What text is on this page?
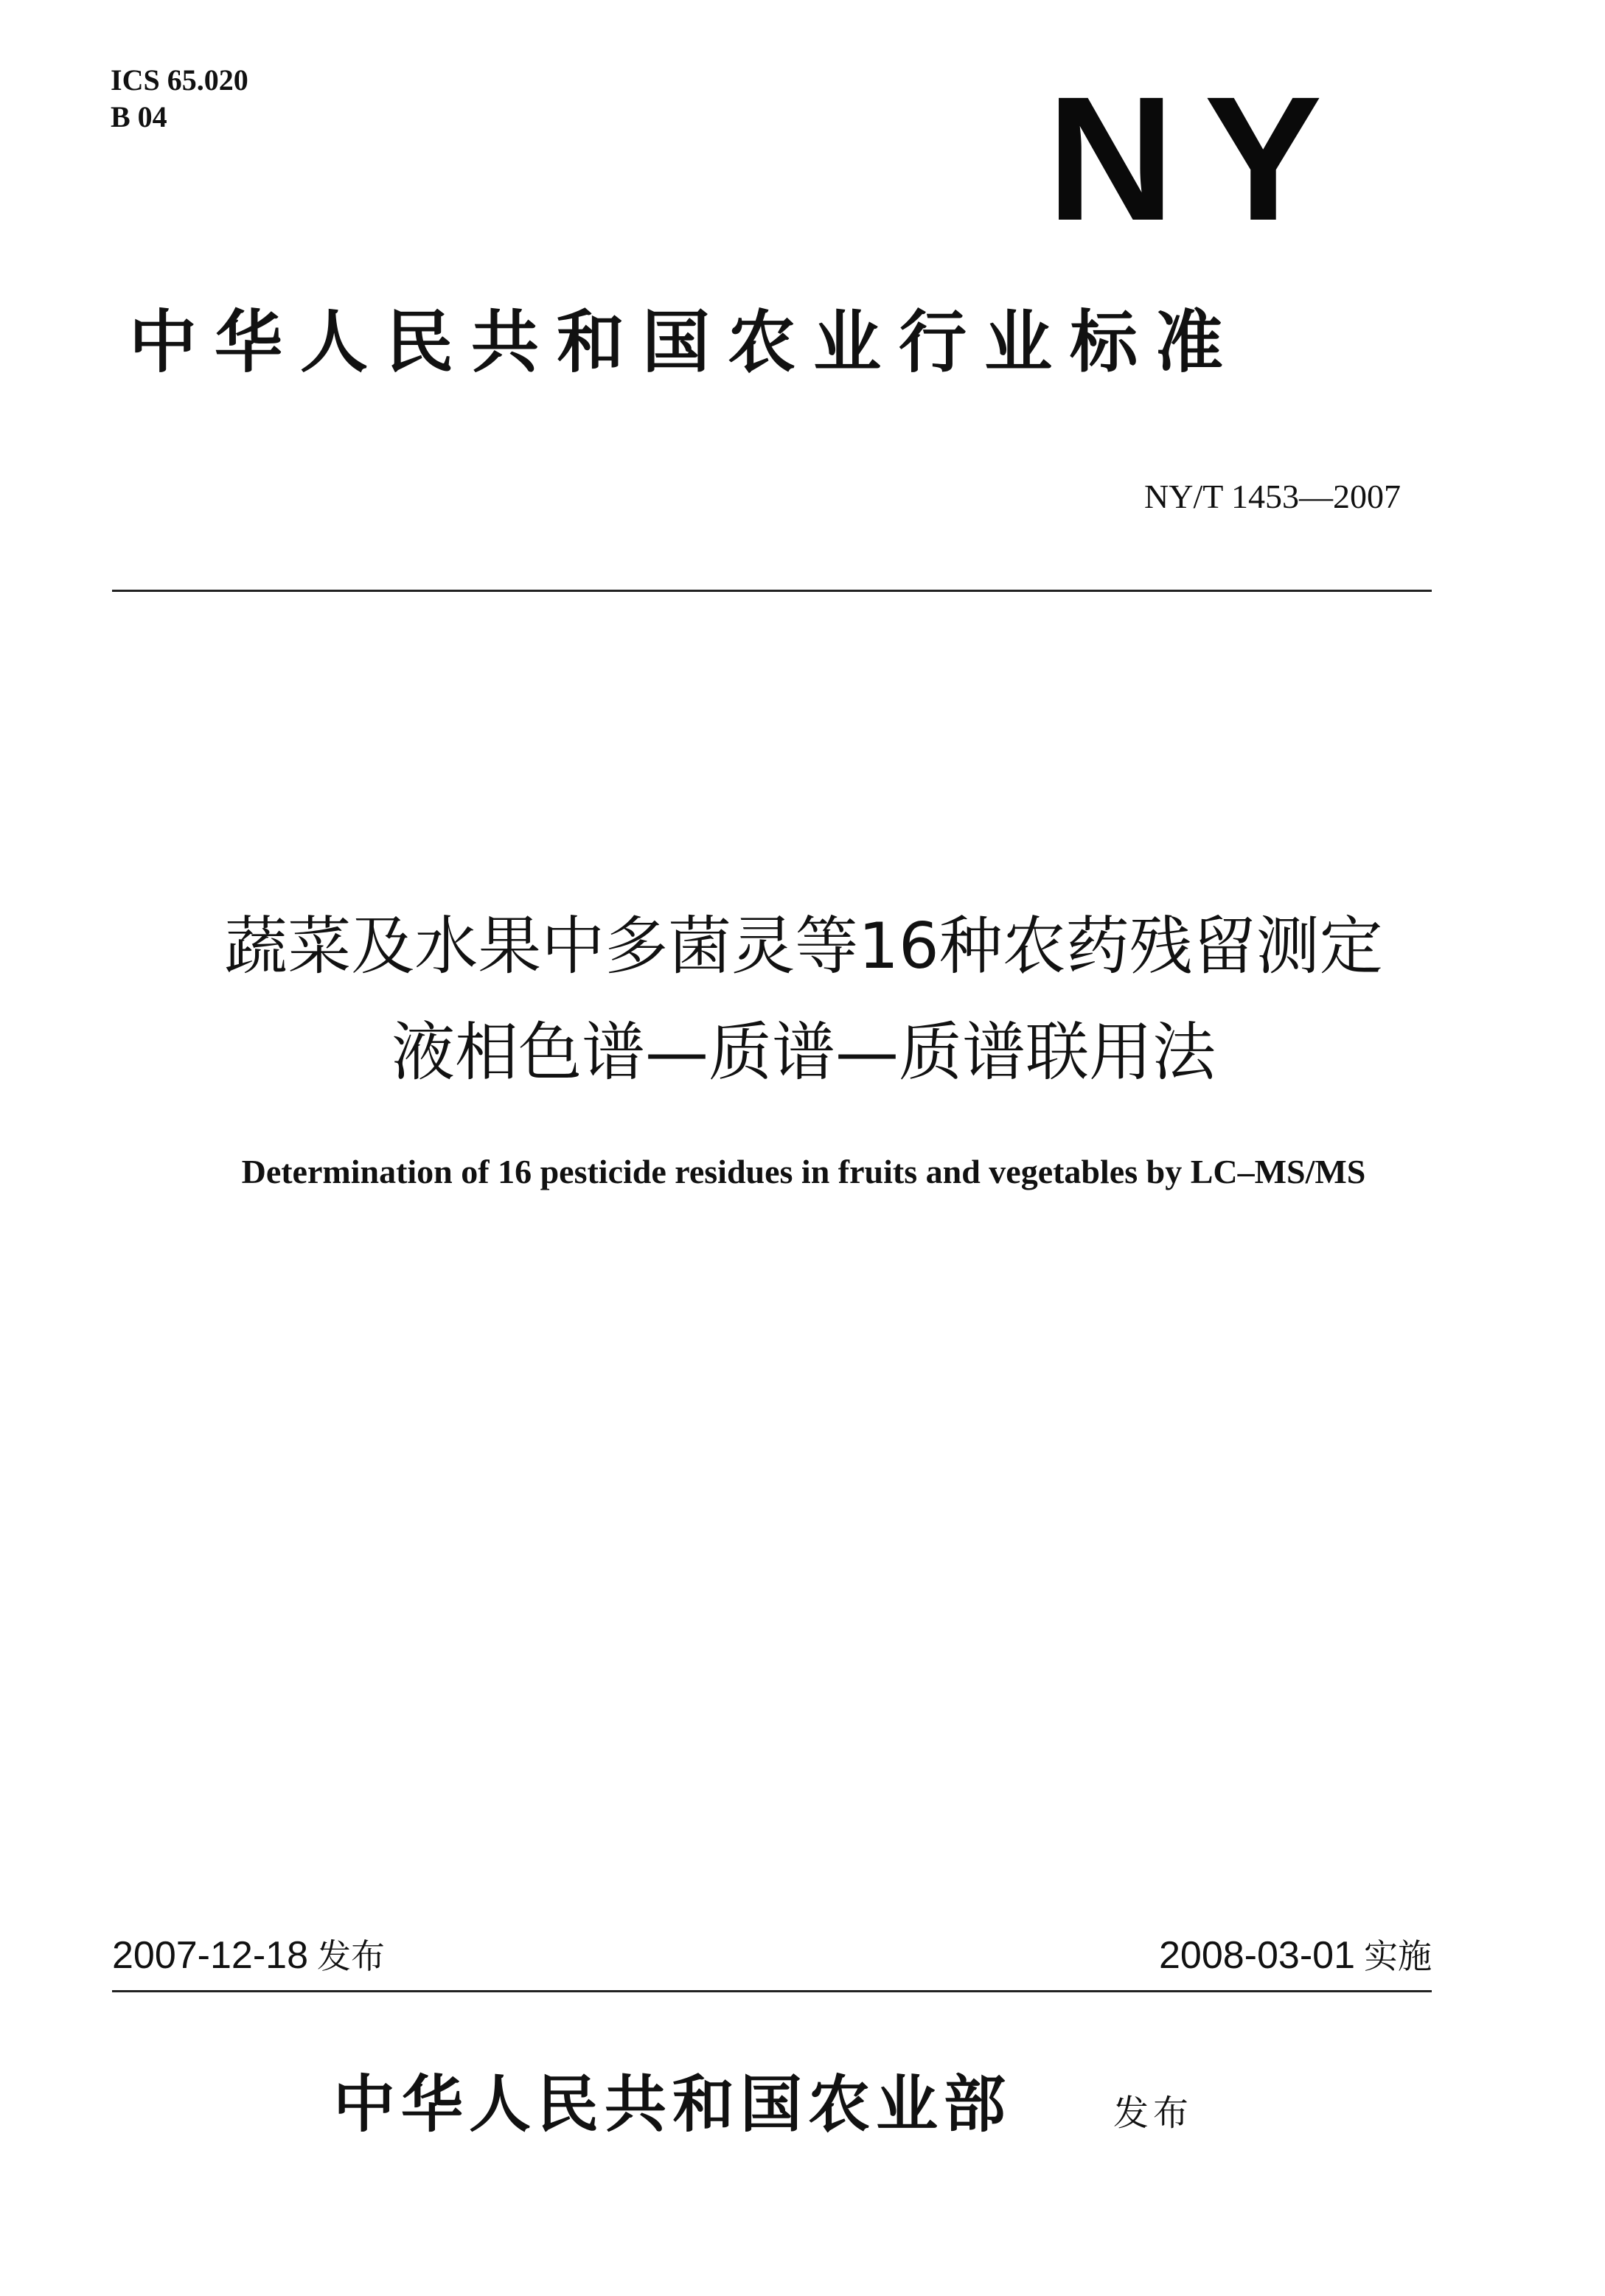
ICS 65.020
B 04	NY
中华人民共和国农业行业标准
NY/T 1453—2007
蔬菜及水果中多菌灵等16种农药残留测定
液相色谱—质谱—质谱联用法
Determination of 16 pesticide residues in fruits and vegetables by LC–MS/MS
2007-12-18 发布	2008-03-01 实施
中华人民共和国农业部	发布
